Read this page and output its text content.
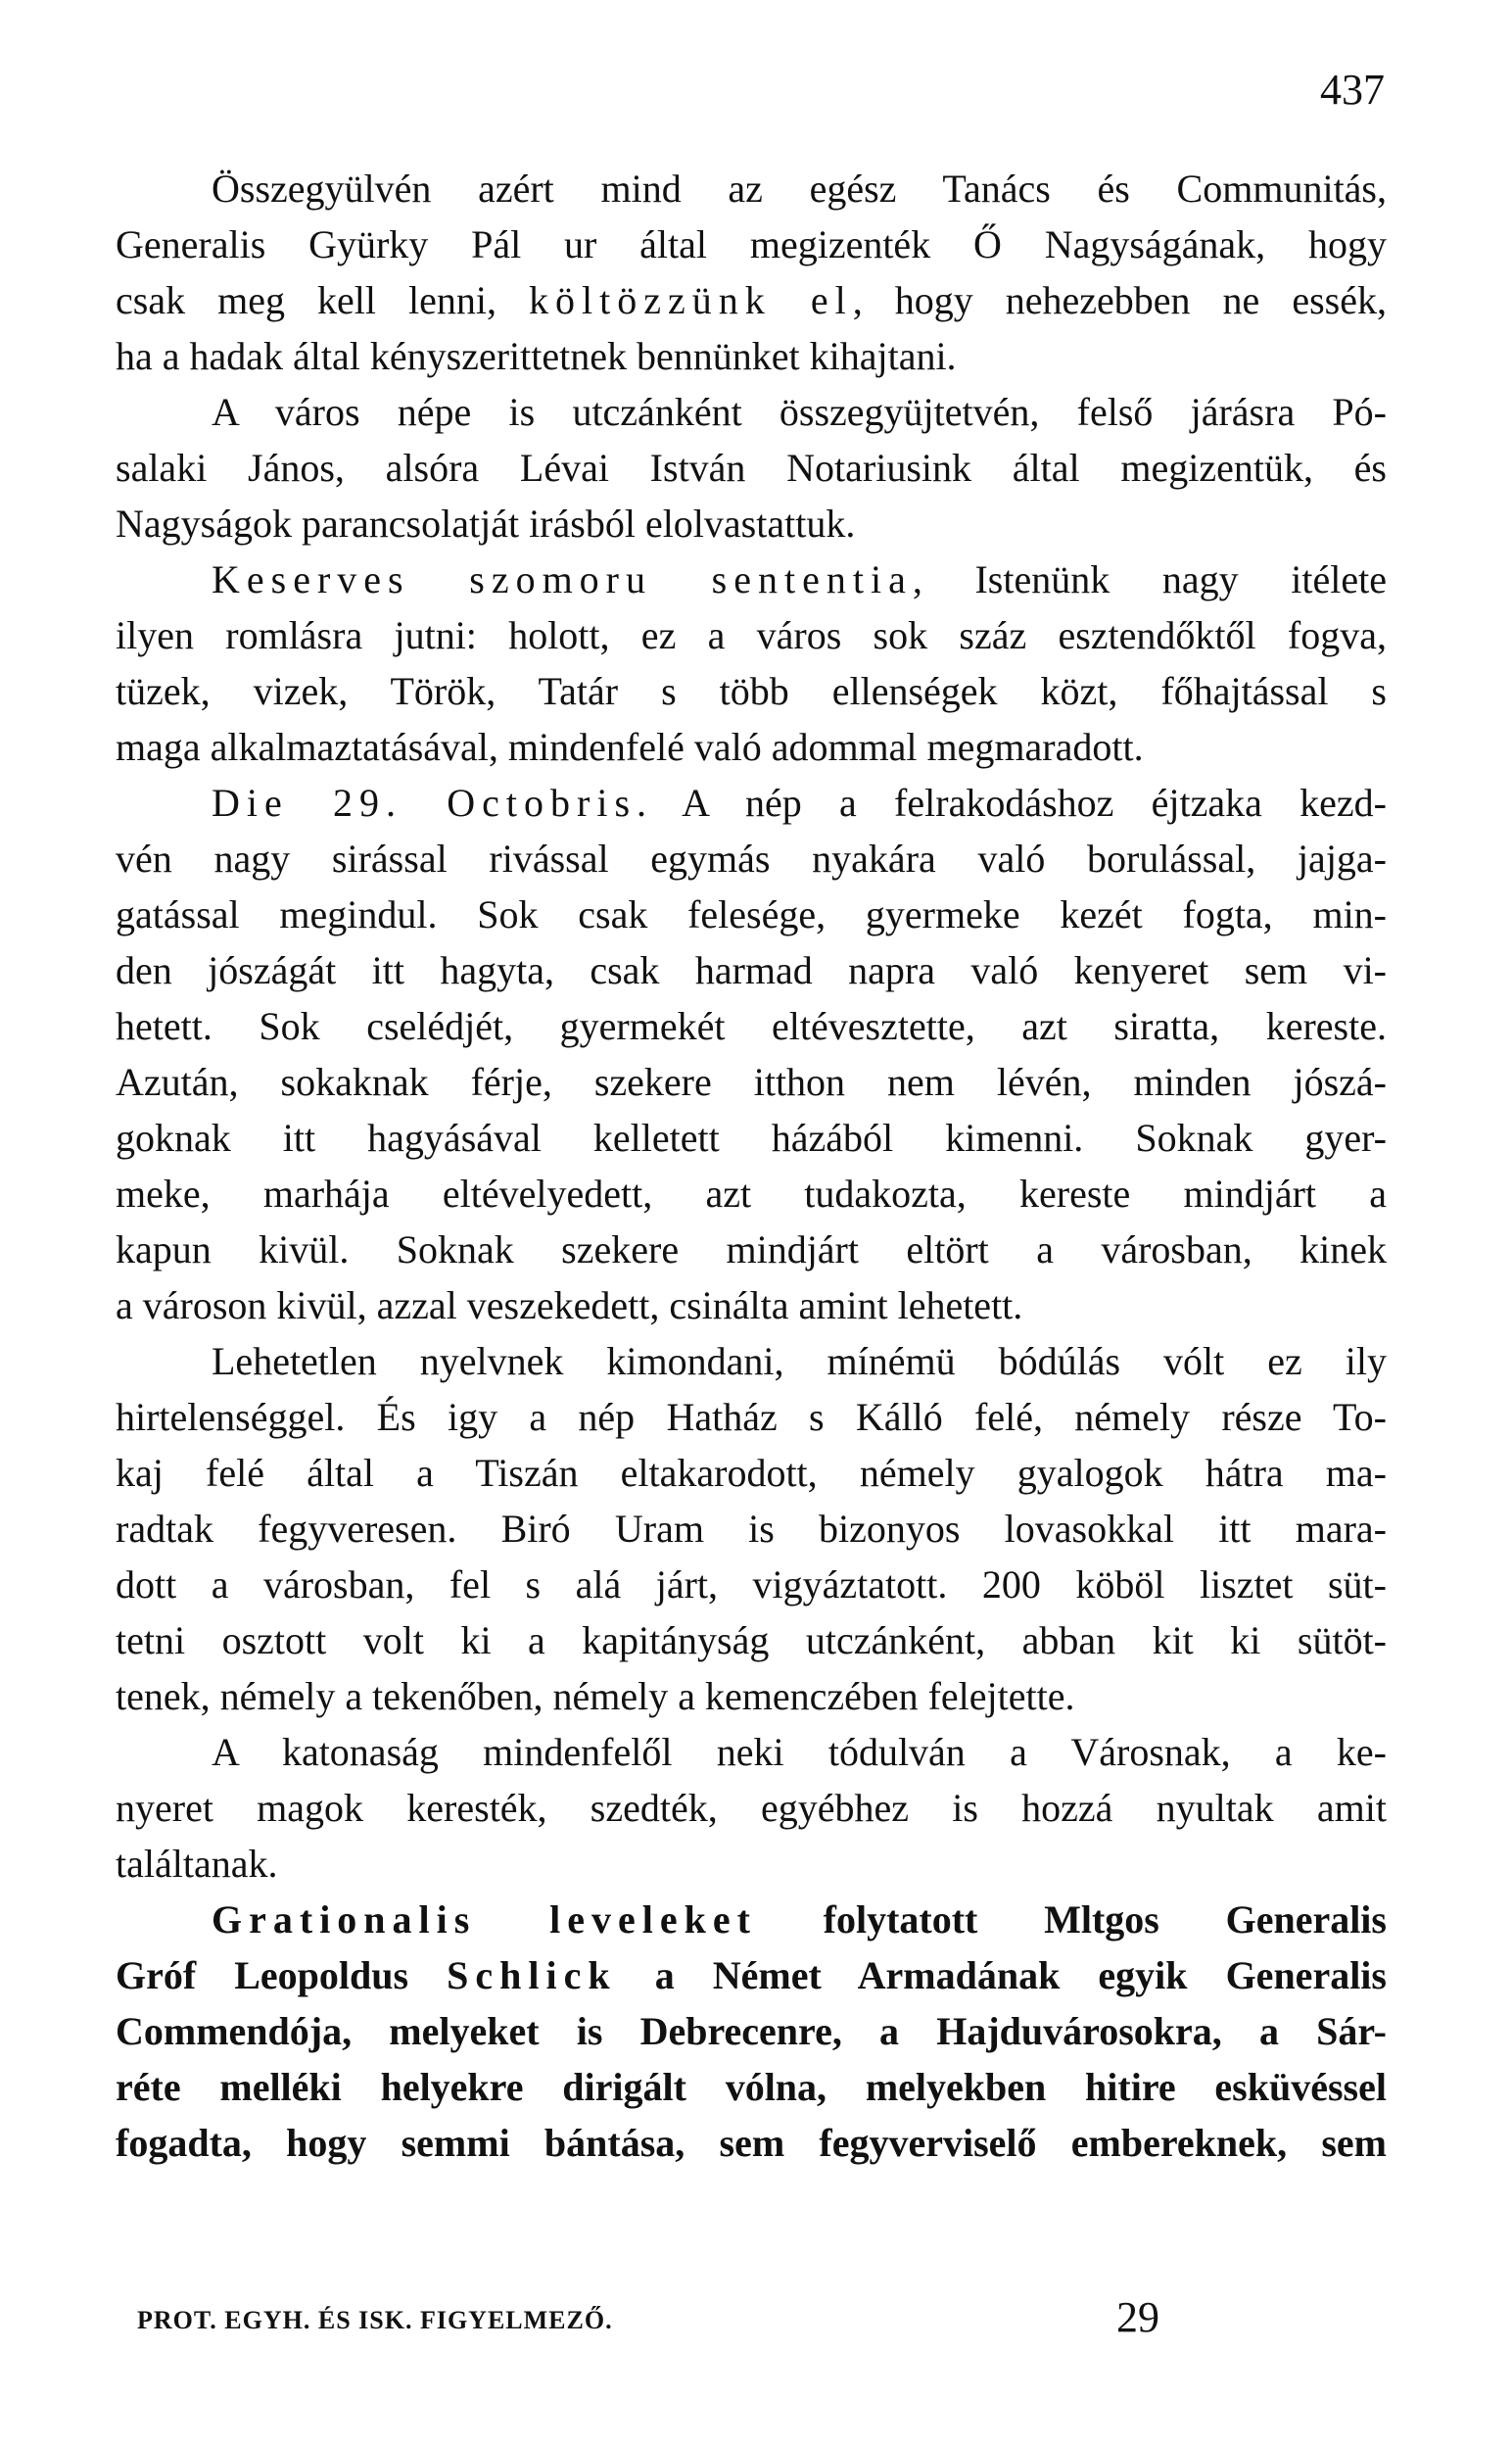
437
Összegyülvén azért mind az egész Tanács és Communitás,
Generalis Gyürky Pál ur által megizenték Ő Nagyságának, hogy
csak meg kell lenni, költözzünk el, hogy nehezebben ne essék,
ha a hadak által kényszerittetnek bennünket kihajtani.
A város népe is utczánként összegyüjtetvén, felső járásra Pó-
salaki János, alsóra Lévai István Notariusink által megizentük, és
Nagyságok parancsolatját irásból elolvastattuk.
Keserves szomoru sententia, Istenünk nagy itélete
ilyen romlásra jutni: holott, ez a város sok száz esztendőktől fogva,
tüzek, vizek, Török, Tatár s több ellenségek közt, főhajtással s
maga alkalmaztatásával, mindenfelé való adommal megmaradott.
Die 29. Octobris. A nép a felrakodáshoz éjtzaka kezd-
vén nagy sirással rivással egymás nyakára való borulással, jajga-
gatással megindul. Sok csak felesége, gyermeke kezét fogta, min-
den jószágát itt hagyta, csak harmad napra való kenyeret sem vi-
hetett. Sok cselédjét, gyermekét eltévesztette, azt siratta, kereste.
Azután, sokaknak férje, szekere itthon nem lévén, minden jószá-
goknak itt hagyásával kelletett házából kimenni. Soknak gyer-
meke, marhája eltévelyedett, azt tudakozta, kereste mindjárt a
kapun kivül. Soknak szekere mindjárt eltört a városban, kinek
a városon kivül, azzal veszekedett, csinálta amint lehetett.
Lehetetlen nyelvnek kimondani, mínémü bódúlás vólt ez ily
hirtelenséggel. És igy a nép Hatház s Kálló felé, némely része To-
kaj felé által a Tiszán eltakarodott, némely gyalogok hátra ma-
radtak fegyveresen. Biró Uram is bizonyos lovasokkal itt mara-
dott a városban, fel s alá járt, vigyáztatott. 200 köböl lisztet süt-
tetni osztott volt ki a kapitányság utczánként, abban kit ki sütöt-
tenek, némely a tekenőben, némely a kemenczében felejtette.
A katonaság mindenfelől neki tódulván a Városnak, a ke-
nyeret magok keresték, szedték, egyébhez is hozzá nyultak amit
találtanak.
Grationalis leveleket folytatott Mltgos Generalis
Gróf Leopoldus Schlick a Német Armadának egyik Generalis
Commendója, melyeket is Debrecenre, a Hajduvárosokra, a Sár-
réte melléki helyekre dirigált vólna, melyekben hitire esküvéssel
fogadta, hogy semmi bántása, sem fegyverviselő embereknek, sem
PROT. EGYH. ÉS ISK. FIGYELMEZŐ.	29
